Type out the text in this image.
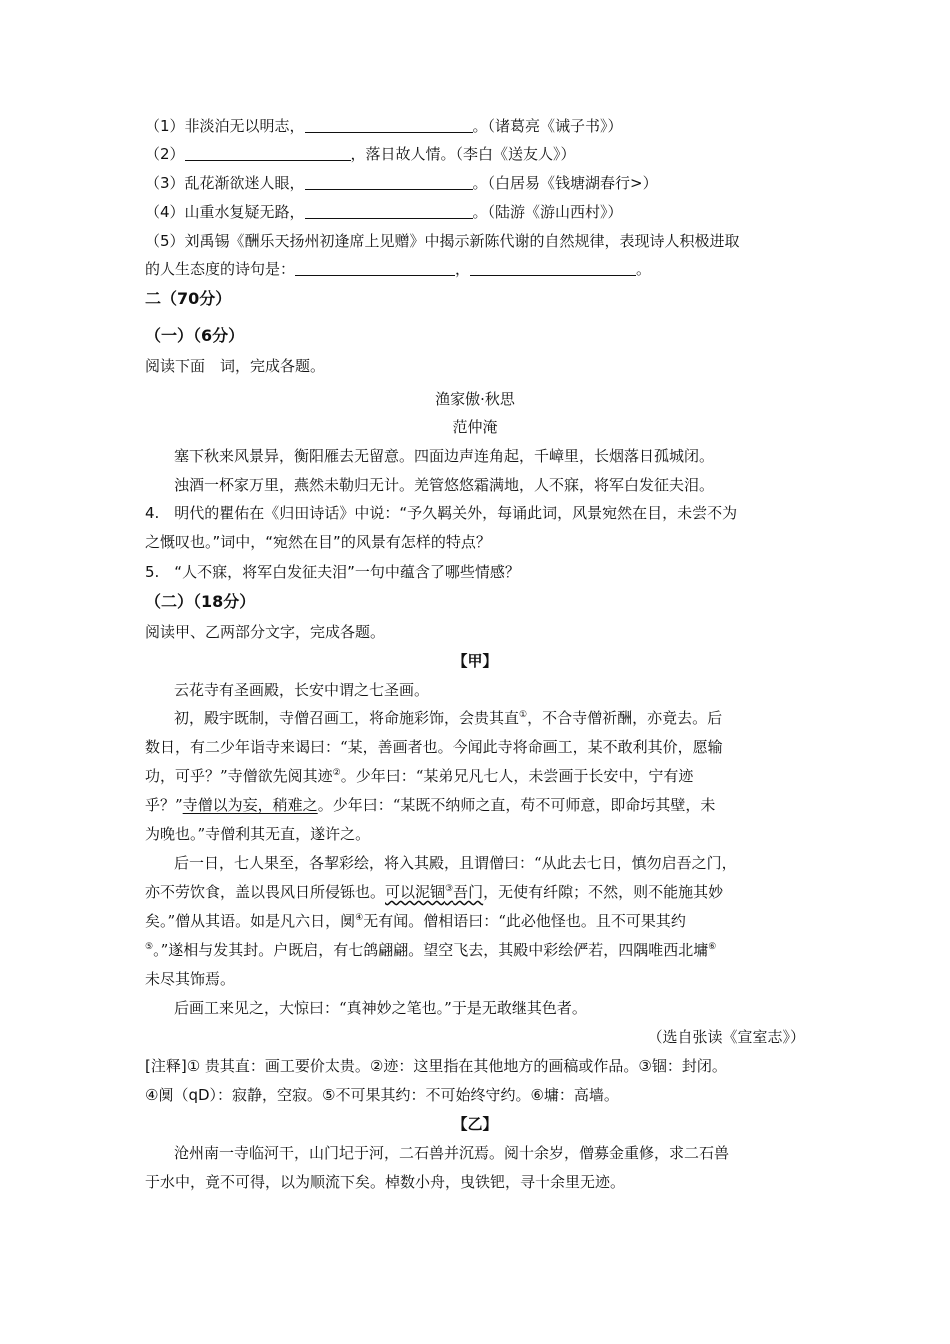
（1）非淡泊无以明志，	。（诸葛亮《诫子书》）
（2）	，落日故人情。（李白《送友人》）
（3）乱花渐欲迷人眼，	。（白居易《钱塘湖春行>）
（4）山重水复疑无路，	。（陆游《游山西村》）
（5）刘禹锡《酬乐天扬州初逢席上见赠》中揭示新陈代谢的自然规律，表现诗人积极进取
的人生态度的诗句是：	，	。
二（70分）
（一）（6分）
阅读下面　词，完成各题。
渔家傲·秋思
范仲淹
塞下秋来风景异，衡阳雁去无留意。四面边声连角起，千嶂里，长烟落日孤城闭。
浊酒一杯家万里，燕然未勒归无计。羌管悠悠霜满地，人不寐，将军白发征夫泪。
4.　明代的瞿佑在《归田诗话》中说：“予久羁关外，每诵此词，风景宛然在目，未尝不为
之慨叹也。”词中，“宛然在目”的风景有怎样的特点？
5.　“人不寐，将军白发征夫泪”一句中蕴含了哪些情感？
（二）（18分）
阅读甲、乙两部分文字，完成各题。
【甲】
云花寺有圣画殿，长安中谓之七圣画。
初，殿宇既制，寺僧召画工，将命施彩饰，会贵其直①，不合寺僧祈酬，亦竟去。后
数日，有二少年诣寺来谒曰：“某，善画者也。今闻此寺将命画工，某不敢利其价，愿输
功，可乎？”寺僧欲先阅其迹②。少年曰：“某弟兄凡七人，未尝画于长安中，宁有迹
乎？”寺僧以为妄，稍难之。少年曰：“某既不纳师之直，苟不可师意，即命圬其壁，未
为晚也。”寺僧利其无直，遂许之。
后一日，七人果至，各挈彩绘，将入其殿，且谓僧曰：“从此去七日，慎勿启吾之门，
亦不劳饮食，盖以畏风日所侵铄也。可以泥锢③吾门，无使有纤隙；不然，则不能施其妙
矣。”僧从其语。如是凡六日，阒④无有闻。僧相语曰：“此必他怪也。且不可果其约
⑤。”遂相与发其封。户既启，有七鸽翩翩。望空飞去，其殿中彩绘俨若，四隅唯西北墉⑥
未尽其饰焉。
后画工来见之，大惊曰：“真神妙之笔也。”于是无敢继其色者。
（选自张读《宣室志》）
[注释]① 贵其直：画工要价太贵。②迹：这里指在其他地方的画稿或作品。③锢：封闭。
④阒（qD）：寂静，空寂。⑤不可果其约：不可始终守约。⑥墉：高墙。
【乙】
沧州南一寺临河干，山门圮于河，二石兽并沉焉。阅十余岁，僧募金重修，求二石兽
于水中，竟不可得，以为顺流下矣。棹数小舟，曳铁钯，寻十余里无迹。
